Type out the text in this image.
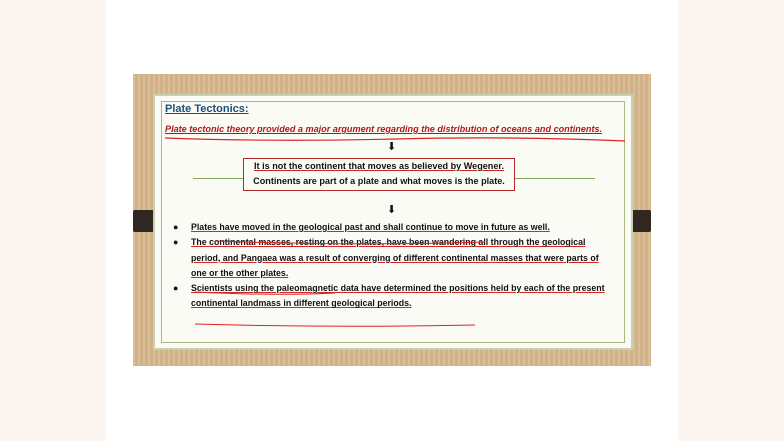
Plate Tectonics:
Plate tectonic theory provided a major argument regarding the distribution of oceans and continents.
⬇
It is not the continent that moves as believed by Wegener.
Continents are part of a plate and what moves is the plate.
⬇
● Plates have moved in the geological past and shall continue to move in future as well.
● The continental masses, resting on the plates, have been wandering all through the geological period, and Pangaea was a result of converging of different continental masses that were parts of one or the other plates.
● Scientists using the paleomagnetic data have determined the positions held by each of the present continental landmass in different geological periods.
